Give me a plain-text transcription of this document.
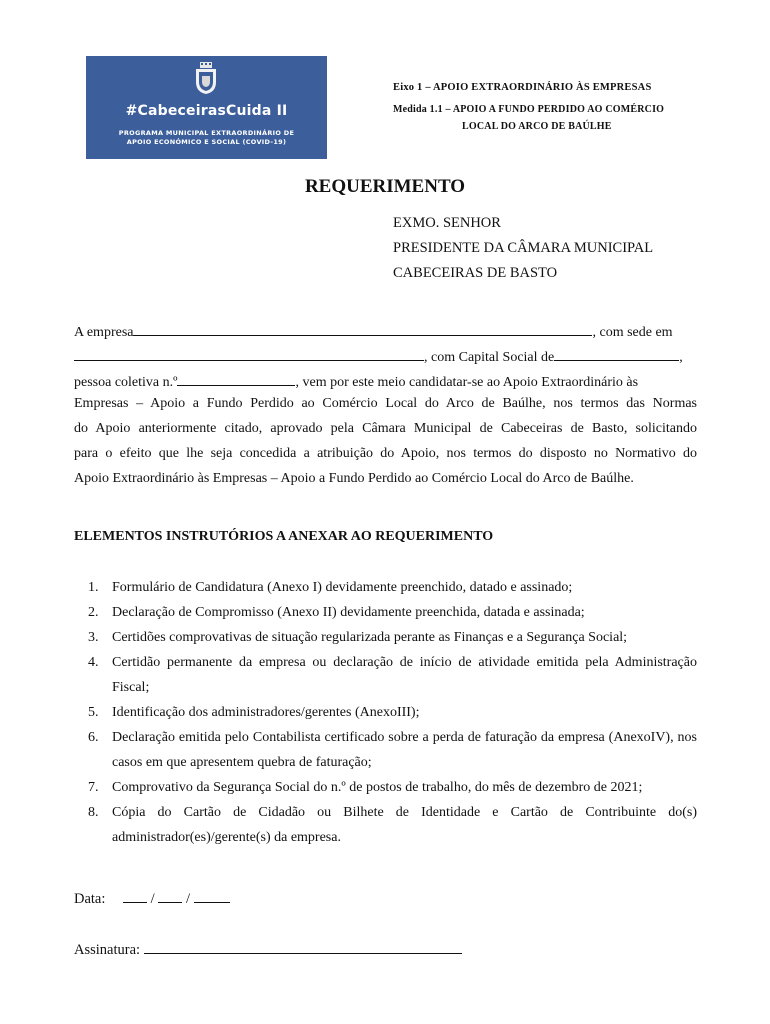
#CabeceirasCuida II
PROGRAMA MUNICIPAL EXTRAORDINÁRIO DE
APOIO ECONÓMICO E SOCIAL (COVID-19)
Eixo 1 – APOIO EXTRAORDINÁRIO ÀS EMPRESAS
Medida 1.1 – APOIO A FUNDO PERDIDO AO COMÉRCIO
LOCAL DO ARCO DE BAÚLHE
REQUERIMENTO
EXMO. SENHOR
PRESIDENTE DA CÂMARA MUNICIPAL
CABECEIRAS DE BASTO
A empresa	, com sede em
, com Capital Social de	,
pessoa coletiva n.º	, vem por este meio candidatar-se ao Apoio Extraordinário às
Empresas – Apoio a Fundo Perdido ao Comércio Local do Arco de Baúlhe, nos termos das Normas
do Apoio anteriormente citado, aprovado pela Câmara Municipal de Cabeceiras de Basto, solicitando
para o efeito que lhe seja concedida a atribuição do Apoio, nos termos do disposto no Normativo do
Apoio Extraordinário às Empresas – Apoio a Fundo Perdido ao Comércio Local do Arco de Baúlhe.
ELEMENTOS INSTRUTÓRIOS A ANEXAR AO REQUERIMENTO
1. Formulário de Candidatura (Anexo I) devidamente preenchido, datado e assinado;
2. Declaração de Compromisso (Anexo II) devidamente preenchida, datada e assinada;
3. Certidões comprovativas de situação regularizada perante as Finanças e a Segurança Social;
4. Certidão permanente da empresa ou declaração de início de atividade emitida pela Administração Fiscal;
5. Identificação dos administradores/gerentes (AnexoIII);
6. Declaração emitida pelo Contabilista certificado sobre a perda de faturação da empresa (AnexoIV), nos casos em que apresentem quebra de faturação;
7. Comprovativo da Segurança Social do n.º de postos de trabalho, do mês de dezembro de 2021;
8. Cópia do Cartão de Cidadão ou Bilhete de Identidade e Cartão de Contribuinte do(s) administrador(es)/gerente(s) da empresa.
Data:	/ /
Assinatura:
